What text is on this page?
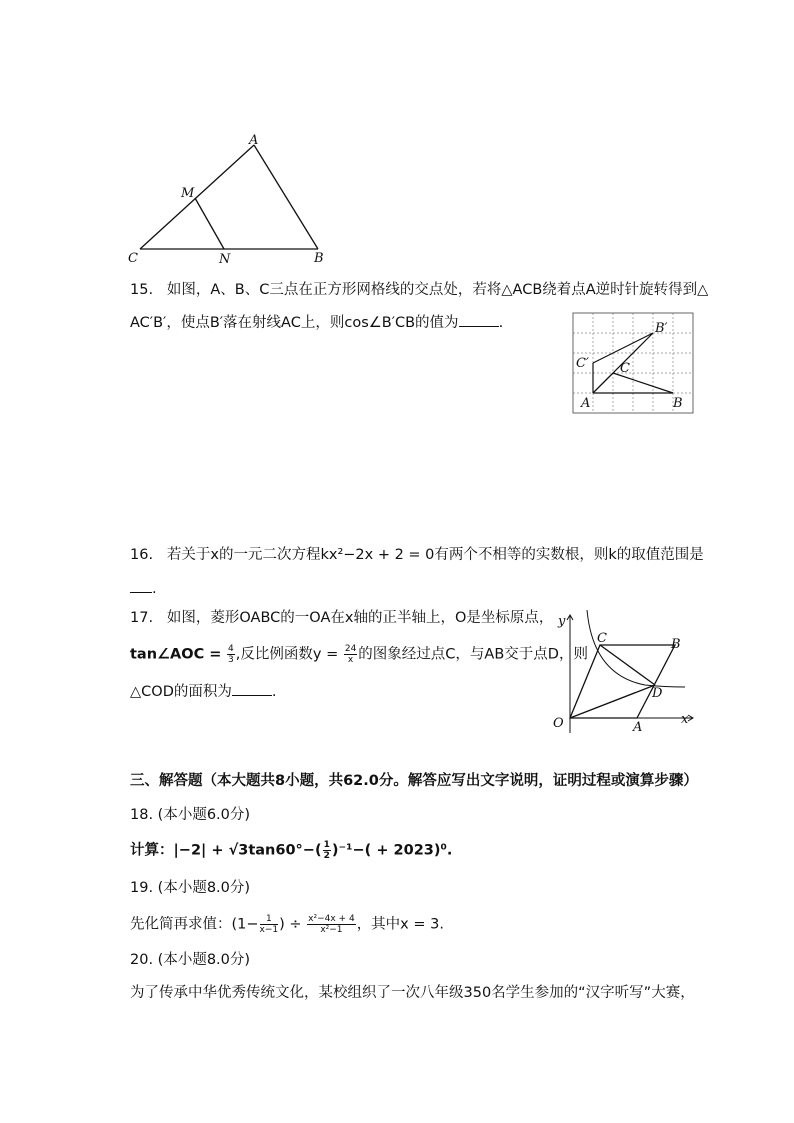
A
M
C	N	B
15. 如图，A、B、C三点在正方形网格线的交点处，若将△ACB绕着点A逆时针旋转得到△
AC′B′，使点B′落在射线AC上，则cos∠B′CB的值为	.	B′
C′ C
A	B
16. 若关于x的一元二次方程kx²−2x + 2 = 0有两个不相等的实数根，则k的取值范围是
.
17. 如图，菱形OABC的一OA在x轴的正半轴上，O是坐标原点，
tan∠AOC = $\frac{4}{3}$ ,反比例函数$y = \frac{24}{x}$ 的图象经过点C，与AB交于点D，则
△COD的面积为	.
y
C	B
D
O	A
x
三、解答题（本大题共8小题，共62.0分。解答应写出文字说明，证明过程或演算步骤）
18. (本小题6.0分)
计算：$|-2| + √3\tan 60^\circ-( \frac{1}{2} )^{-1}-( + 2023)^0$.
19. (本小题8.0分)
先化简再求值：($1- \frac{1}{x-1}$ ) ÷ $\frac{\text{x²−4x + 4}}{\text{x²−1}}$ ，其中x = 3.
20. (本小题8.0分)
为了传承中华优秀传统文化，某校组织了一次八年级350名学生参加的“汉字听写”大赛，
